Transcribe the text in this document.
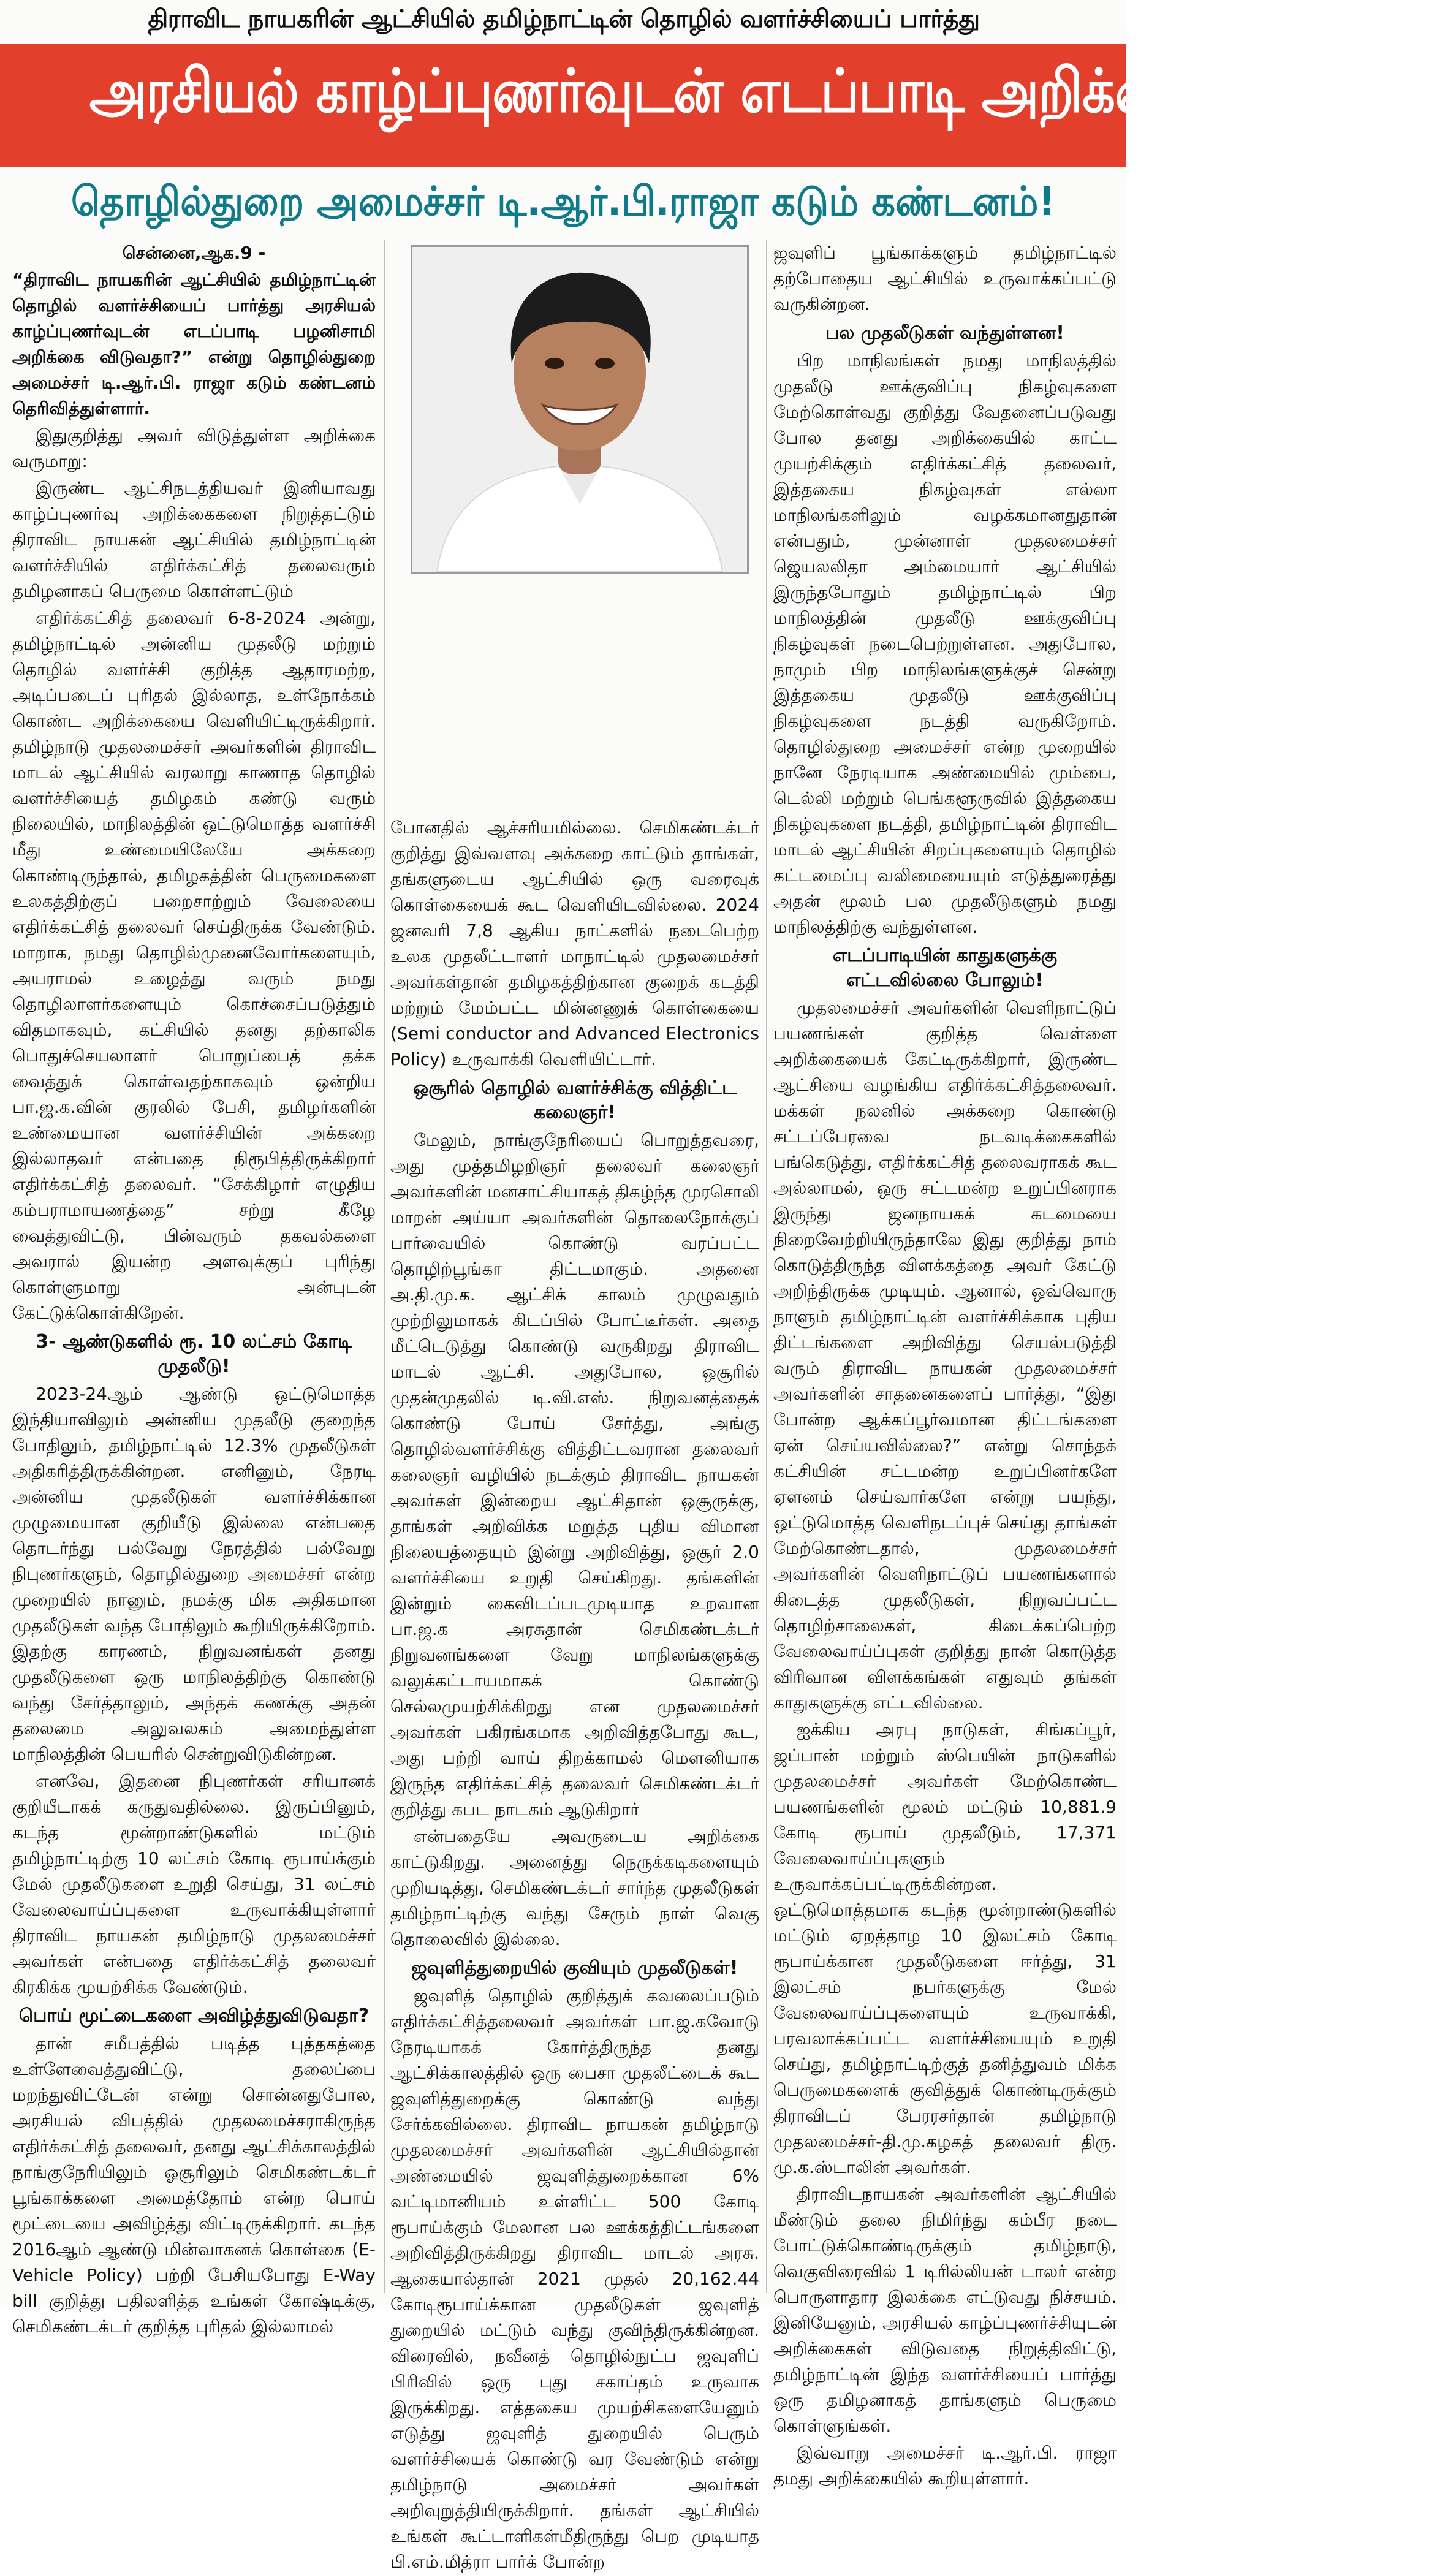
திராவிட நாயகரின் ஆட்சியில் தமிழ்நாட்டின் தொழில் வளர்ச்சியைப் பார்த்து
அரசியல் காழ்ப்புணர்வுடன் எடப்பாடி அறிக்கை விடுவதா?
தொழில்துறை அமைச்சர் டி.ஆர்.பி.ராஜா கடும் கண்டனம்!

சென்னை,ஆக.9 -

“திராவிட நாயகரின் ஆட்சியில் தமிழ்நாட்டின் தொழில் வளர்ச்சியைப் பார்த்து அரசியல் காழ்ப்புணர்வுடன் எடப்பாடி பழனிசாமி அறிக்கை விடுவதா?” என்று தொழில்துறை அமைச்சர் டி.ஆர்.பி. ராஜா கடும் கண்டனம் தெரிவித்துள்ளார்.

இதுகுறித்து அவர் விடுத்துள்ள அறிக்கை வருமாறு:

இருண்ட ஆட்சிநடத்தியவர் இனியாவது காழ்ப்புணர்வு அறிக்கைகளை நிறுத்தட்டும் திராவிட நாயகன் ஆட்சியில் தமிழ்நாட்டின் வளர்ச்சியில் எதிர்க்கட்சித் தலைவரும் தமிழனாகப் பெருமை கொள்ளட்டும்

எதிர்க்கட்சித் தலைவர் 6-8-2024 அன்று, தமிழ்நாட்டில் அன்னிய முதலீடு மற்றும் தொழில் வளர்ச்சி குறித்த ஆதாரமற்ற, அடிப்படைப் புரிதல் இல்லாத, உள்நோக்கம் கொண்ட அறிக்கையை வெளியிட்டிருக்கிறார். தமிழ்நாடு முதலமைச்சர் அவர்களின் திராவிட மாடல் ஆட்சியில் வரலாறு காணாத தொழில் வளர்ச்சியைத் தமிழகம் கண்டு வரும் நிலையில், மாநிலத்தின் ஒட்டுமொத்த வளர்ச்சி மீது உண்மையிலேயே அக்கறை கொண்டிருந்தால், தமிழகத்தின் பெருமைகளை உலகத்திற்குப் பறைசாற்றும் வேலையை எதிர்க்கட்சித் தலைவர் செய்திருக்க வேண்டும். மாறாக, நமது தொழில்முனைவோர்களையும், அயராமல் உழைத்து வரும் நமது தொழிலாளர்களையும் கொச்சைப்படுத்தும் விதமாகவும், கட்சியில் தனது தற்காலிக பொதுச்செயலாளர் பொறுப்பைத் தக்க வைத்துக் கொள்வதற்காகவும் ஒன்றிய பா.ஜ.க.வின் குரலில் பேசி, தமிழர்களின் உண்மையான வளர்ச்சியின் அக்கறை இல்லாதவர் என்பதை நிரூபித்திருக்கிறார் எதிர்க்கட்சித் தலைவர். “சேக்கிழார் எழுதிய கம்பராமாயணத்தை” சற்று கீழே வைத்துவிட்டு, பின்வரும் தகவல்களை அவரால் இயன்ற அளவுக்குப் புரிந்து கொள்ளுமாறு அன்புடன் கேட்டுக்கொள்கிறேன்.

3- ஆண்டுகளில் ரூ. 10 லட்சம் கோடி முதலீடு!

2023-24ஆம் ஆண்டு ஒட்டுமொத்த இந்தியாவிலும் அன்னிய முதலீடு குறைந்த போதிலும், தமிழ்நாட்டில் 12.3% முதலீடுகள் அதிகரித்திருக்கின்றன. எனினும், நேரடி அன்னிய முதலீடுகள் வளர்ச்சிக்கான முழுமையான குறியீடு இல்லை என்பதை தொடர்ந்து பல்வேறு நேரத்தில் பல்வேறு நிபுணர்களும், தொழில்துறை அமைச்சர் என்ற முறையில் நானும், நமக்கு மிக அதிகமான முதலீடுகள் வந்த போதிலும் கூறியிருக்கிறோம். இதற்கு காரணம், நிறுவனங்கள் தனது முதலீடுகளை ஒரு மாநிலத்திற்கு கொண்டு வந்து சேர்த்தாலும், அந்தக் கணக்கு அதன் தலைமை அலுவலகம் அமைந்துள்ள மாநிலத்தின் பெயரில் சென்றுவிடுகின்றன.

எனவே, இதனை நிபுணர்கள் சரியானக் குறியீடாகக் கருதுவதில்லை. இருப்பினும், கடந்த மூன்றாண்டுகளில் மட்டும் தமிழ்நாட்டிற்கு 10 லட்சம் கோடி ரூபாய்க்கும் மேல் முதலீடுகளை உறுதி செய்து, 31 லட்சம் வேலைவாய்ப்புகளை உருவாக்கியுள்ளார் திராவிட நாயகன் தமிழ்நாடு முதலமைச்சர் அவர்கள் என்பதை எதிர்க்கட்சித் தலைவர் கிரகிக்க முயற்சிக்க வேண்டும்.

பொய் மூட்டைகளை அவிழ்த்துவிடுவதா?

தான் சமீபத்தில் படித்த புத்தகத்தை உள்ளேவைத்துவிட்டு, தலைப்பை மறந்துவிட்டேன் என்று சொன்னதுபோல, அரசியல் விபத்தில் முதலமைச்சராகிருந்த எதிர்க்கட்சித் தலைவர், தனது ஆட்சிக்காலத்தில் நாங்குநேரியிலும் ஓசூரிலும் செமிகண்டக்டர் பூங்காக்களை அமைத்தோம் என்ற பொய் மூட்டையை அவிழ்த்து விட்டிருக்கிறார். கடந்த 2016ஆம் ஆண்டு மின்வாகனக் கொள்கை (E-Vehicle Policy) பற்றி பேசியபோது E-Way bill குறித்து பதிலளித்த உங்கள் கோஷ்டிக்கு, செமிகண்டக்டர் குறித்த புரிதல் இல்லாமல்

போனதில் ஆச்சரியமில்லை. செமிகண்டக்டர் குறித்து இவ்வளவு அக்கறை காட்டும் தாங்கள், தங்களுடைய ஆட்சியில் ஒரு வரைவுக் கொள்கையைக் கூட வெளியிடவில்லை. 2024 ஜனவரி 7,8 ஆகிய நாட்களில் நடைபெற்ற உலக முதலீட்டாளர் மாநாட்டில் முதலமைச்சர் அவர்கள்தான் தமிழகத்திற்கான குறைக் கடத்தி மற்றும் மேம்பட்ட மின்னணுக் கொள்கையை (Semi conductor and Advanced Electronics Policy) உருவாக்கி வெளியிட்டார்.

ஒசூரில் தொழில் வளர்ச்சிக்கு வித்திட்ட கலைஞர்!

மேலும், நாங்குநேரியைப் பொறுத்தவரை, அது முத்தமிழறிஞர் தலைவர் கலைஞர் அவர்களின் மனசாட்சியாகத் திகழ்ந்த முரசொலி மாறன் அய்யா அவர்களின் தொலைநோக்குப் பார்வையில் கொண்டு வரப்பட்ட தொழிற்பூங்கா திட்டமாகும். அதனை அ.தி.மு.க. ஆட்சிக் காலம் முழுவதும் முற்றிலுமாகக் கிடப்பில் போட்டீர்கள். அதை மீட்டெடுத்து கொண்டு வருகிறது திராவிட மாடல் ஆட்சி. அதுபோல, ஒசூரில் முதன்முதலில் டி.வி.எஸ். நிறுவனத்தைக் கொண்டு போய் சேர்த்து, அங்கு தொழில்வளர்ச்சிக்கு வித்திட்டவரான தலைவர் கலைஞர் வழியில் நடக்கும் திராவிட நாயகன் அவர்கள் இன்றைய ஆட்சிதான் ஒசூருக்கு, தாங்கள் அறிவிக்க மறுத்த புதிய விமான நிலையத்தையும் இன்று அறிவித்து, ஒசூர் 2.0 வளர்ச்சியை உறுதி செய்கிறது. தங்களின் இன்றும் கைவிடப்படமுடியாத உறவான பா.ஜ.க அரசுதான் செமிகண்டக்டர் நிறுவனங்களை வேறு மாநிலங்களுக்கு வலுக்கட்டாயமாகக் கொண்டு செல்லமுயற்சிக்கிறது என முதலமைச்சர் அவர்கள் பகிரங்கமாக அறிவித்தபோது கூட, அது பற்றி வாய் திறக்காமல் மௌனியாக இருந்த எதிர்க்கட்சித் தலைவர் செமிகண்டக்டர் குறித்து கபட நாடகம் ஆடுகிறார்

என்பதையே அவருடைய அறிக்கை காட்டுகிறது. அனைத்து நெருக்கடிகளையும் முறியடித்து, செமிகண்டக்டர் சார்ந்த முதலீடுகள் தமிழ்நாட்டிற்கு வந்து சேரும் நாள் வெகு தொலைவில் இல்லை.

ஜவுளித்துறையில் குவியும் முதலீடுகள்!

ஜவுளித் தொழில் குறித்துக் கவலைப்படும் எதிர்க்கட்சித்தலைவர் அவர்கள் பா.ஜ.கவோடு நேரடியாகக் கோர்த்திருந்த தனது ஆட்சிக்காலத்தில் ஒரு பைசா முதலீட்டைக் கூட ஜவுளித்துறைக்கு கொண்டு வந்து சேர்க்கவில்லை. திராவிட நாயகன் தமிழ்நாடு முதலமைச்சர் அவர்களின் ஆட்சியில்தான் அண்மையில் ஜவுளித்துறைக்கான 6% வட்டிமானியம் உள்ளிட்ட 500 கோடி ரூபாய்க்கும் மேலான பல ஊக்கத்திட்டங்களை அறிவித்திருக்கிறது திராவிட மாடல் அரசு. ஆகையால்தான் 2021 முதல் 20,162.44 கோடிரூபாய்க்கான முதலீடுகள் ஜவுளித் துறையில் மட்டும் வந்து குவிந்திருக்கின்றன. விரைவில், நவீனத் தொழில்நுட்ப ஜவுளிப் பிரிவில் ஒரு புது சகாப்தம் உருவாக இருக்கிறது. எத்தகைய முயற்சிகளையேனும் எடுத்து ஜவுளித் துறையில் பெரும் வளர்ச்சியைக் கொண்டு வர வேண்டும் என்று தமிழ்நாடு அமைச்சர் அவர்கள் அறிவுறுத்தியிருக்கிறார். தங்கள் ஆட்சியில் உங்கள் கூட்டாளிகள்மீதிருந்து பெற முடியாத பி.எம்.மித்ரா பார்க் போன்ற

ஜவுளிப் பூங்காக்களும் தமிழ்நாட்டில் தற்போதைய ஆட்சியில் உருவாக்கப்பட்டு வருகின்றன.

பல முதலீடுகள் வந்துள்ளன!

பிற மாநிலங்கள் நமது மாநிலத்தில் முதலீடு ஊக்குவிப்பு நிகழ்வுகளை மேற்கொள்வது குறித்து வேதனைப்படுவது போல தனது அறிக்கையில் காட்ட முயற்சிக்கும் எதிர்க்கட்சித் தலைவர், இத்தகைய நிகழ்வுகள் எல்லா மாநிலங்களிலும் வழக்கமானதுதான் என்பதும், முன்னாள் முதலமைச்சர் ஜெயலலிதா அம்மையார் ஆட்சியில் இருந்தபோதும் தமிழ்நாட்டில் பிற மாநிலத்தின் முதலீடு ஊக்குவிப்பு நிகழ்வுகள் நடைபெற்றுள்ளன. அதுபோல, நாமும் பிற மாநிலங்களுக்குச் சென்று இத்தகைய முதலீடு ஊக்குவிப்பு நிகழ்வுகளை நடத்தி வருகிறோம். தொழில்துறை அமைச்சர் என்ற முறையில் நானே நேரடியாக அண்மையில் மும்பை, டெல்லி மற்றும் பெங்களூருவில் இத்தகைய நிகழ்வுகளை நடத்தி, தமிழ்நாட்டின் திராவிட மாடல் ஆட்சியின் சிறப்புகளையும் தொழில் கட்டமைப்பு வலிமையையும் எடுத்துரைத்து அதன் மூலம் பல முதலீடுகளும் நமது மாநிலத்திற்கு வந்துள்ளன.

எடப்பாடியின் காதுகளுக்கு எட்டவில்லை போலும்!

முதலமைச்சர் அவர்களின் வெளிநாட்டுப் பயணங்கள் குறித்த வெள்ளை அறிக்கையைக் கேட்டிருக்கிறார், இருண்ட ஆட்சியை வழங்கிய எதிர்க்கட்சித்தலைவர். மக்கள் நலனில் அக்கறை கொண்டு சட்டப்பேரவை நடவடிக்கைகளில் பங்கெடுத்து, எதிர்க்கட்சித் தலைவராகக் கூட அல்லாமல், ஒரு சட்டமன்ற உறுப்பினராக இருந்து ஜனநாயகக் கடமையை நிறைவேற்றியிருந்தாலே இது குறித்து நாம் கொடுத்திருந்த விளக்கத்தை அவர் கேட்டு அறிந்திருக்க முடியும். ஆனால், ஒவ்வொரு நாளும் தமிழ்நாட்டின் வளர்ச்சிக்காக புதிய திட்டங்களை அறிவித்து செயல்படுத்தி வரும் திராவிட நாயகன் முதலமைச்சர் அவர்களின் சாதனைகளைப் பார்த்து, “இது போன்ற ஆக்கப்பூர்வமான திட்டங்களை ஏன் செய்யவில்லை?” என்று சொந்தக் கட்சியின் சட்டமன்ற உறுப்பினர்களே ஏளனம் செய்வார்களே என்று பயந்து, ஒட்டுமொத்த வெளிநடப்புச் செய்து தாங்கள் மேற்கொண்டதால், முதலமைச்சர் அவர்களின் வெளிநாட்டுப் பயணங்களால் கிடைத்த முதலீடுகள், நிறுவப்பட்ட தொழிற்சாலைகள், கிடைக்கப்பெற்ற வேலைவாய்ப்புகள் குறித்து நான் கொடுத்த விரிவான விளக்கங்கள் எதுவும் தங்கள் காதுகளுக்கு எட்டவில்லை.

ஐக்கிய அரபு நாடுகள், சிங்கப்பூர், ஜப்பான் மற்றும் ஸ்பெயின் நாடுகளில் முதலமைச்சர் அவர்கள் மேற்கொண்ட பயணங்களின் மூலம் மட்டும் 10,881.9 கோடி ரூபாய் முதலீடும், 17,371 வேலைவாய்ப்புகளும் உருவாக்கப்பட்டிருக்கின்றன. ஒட்டுமொத்தமாக கடந்த மூன்றாண்டுகளில் மட்டும் ஏறத்தாழ 10 இலட்சம் கோடி ரூபாய்க்கான முதலீடுகளை ஈர்த்து, 31 இலட்சம் நபர்களுக்கு மேல் வேலைவாய்ப்புகளையும் உருவாக்கி, பரவலாக்கப்பட்ட வளர்ச்சியையும் உறுதி செய்து, தமிழ்நாட்டிற்குத் தனித்துவம் மிக்க பெருமைகளைக் குவித்துக் கொண்டிருக்கும் திராவிடப் பேரரசர்தான் தமிழ்நாடு முதலமைச்சர்-தி.மு.கழகத் தலைவர் திரு. மு.க.ஸ்டாலின் அவர்கள்.

திராவிடநாயகன் அவர்களின் ஆட்சியில் மீண்டும் தலை நிமிர்ந்து கம்பீர நடை போட்டுக்கொண்டிருக்கும் தமிழ்நாடு, வெகுவிரைவில் 1 டிரில்லியன் டாலர் என்ற பொருளாதார இலக்கை எட்டுவது நிச்சயம். இனியேனும், அரசியல் காழ்ப்புணர்ச்சியுடன் அறிக்கைகள் விடுவதை நிறுத்திவிட்டு, தமிழ்நாட்டின் இந்த வளர்ச்சியைப் பார்த்து ஒரு தமிழனாகத் தாங்களும் பெருமை கொள்ளுங்கள்.

இவ்வாறு அமைச்சர் டி.ஆர்.பி. ராஜா தமது அறிக்கையில் கூறியுள்ளார்.
